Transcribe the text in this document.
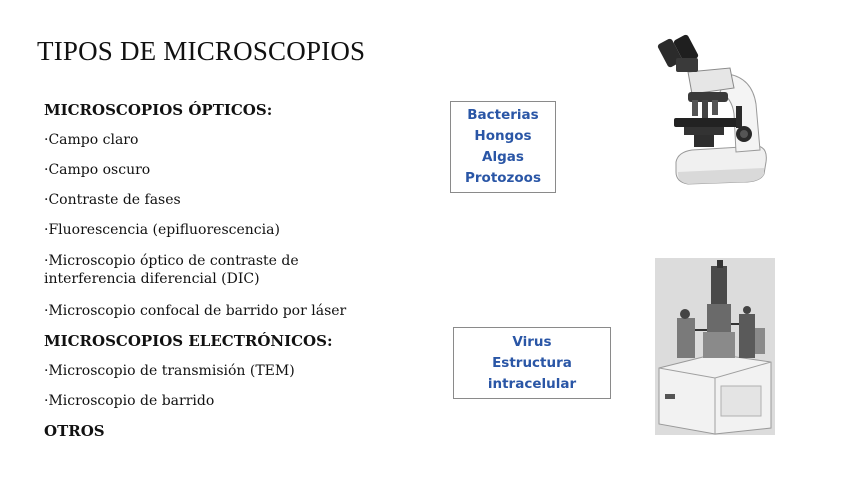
TIPOS DE MICROSCOPIOS
MICROSCOPIOS ÓPTICOS:
·Campo claro
·Campo oscuro
·Contraste de fases
·Fluorescencia (epifluorescencia)
·Microscopio óptico de contraste de
interferencia diferencial (DIC)
·Microscopio confocal de barrido por láser
MICROSCOPIOS ELECTRÓNICOS:
·Microscopio de transmisión (TEM)
·Microscopio de barrido
OTROS
Bacterias
Hongos
Algas
Protozoos
Virus
Estructura
intracelular
